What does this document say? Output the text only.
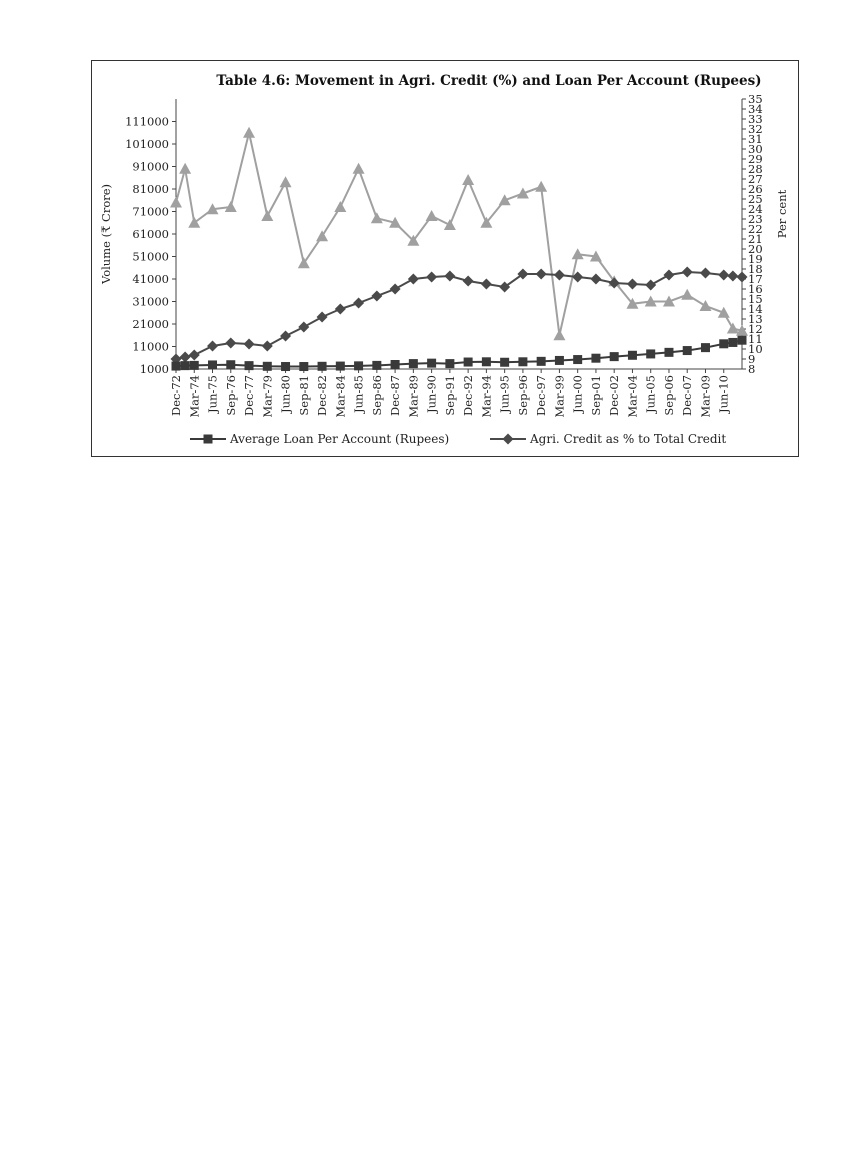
Table 4.6: Movement in Agri. Credit (%) and Loan Per Account (Rupees)
1000
11000
21000
31000
41000
51000
61000
71000
81000
91000
101000
111000
8
9
10
11
12
13
14
15
16
17
18
19
20
21
22
23
24
25
26
27
28
29
30
31
32
33
34
35
Volume (₹ Crore)	Per cent
Dec-72 Mar-74 Jun-75 Sep-76 Dec-77 Mar-79 Jun-80 Sep-81 Dec-82 Mar-84 Jun-85 Sep-86 Dec-87 Mar-89 Jun-90 Sep-91 Dec-92 Mar-94 Jun-95 Sep-96 Dec-97 Mar-99 Jun-00 Sep-01 Dec-02 Mar-04 Jun-05 Sep-06 Dec-07 Mar-09 Jun-10
Average Loan Per Account (Rupees)	Agri. Credit as % to Total Credit
